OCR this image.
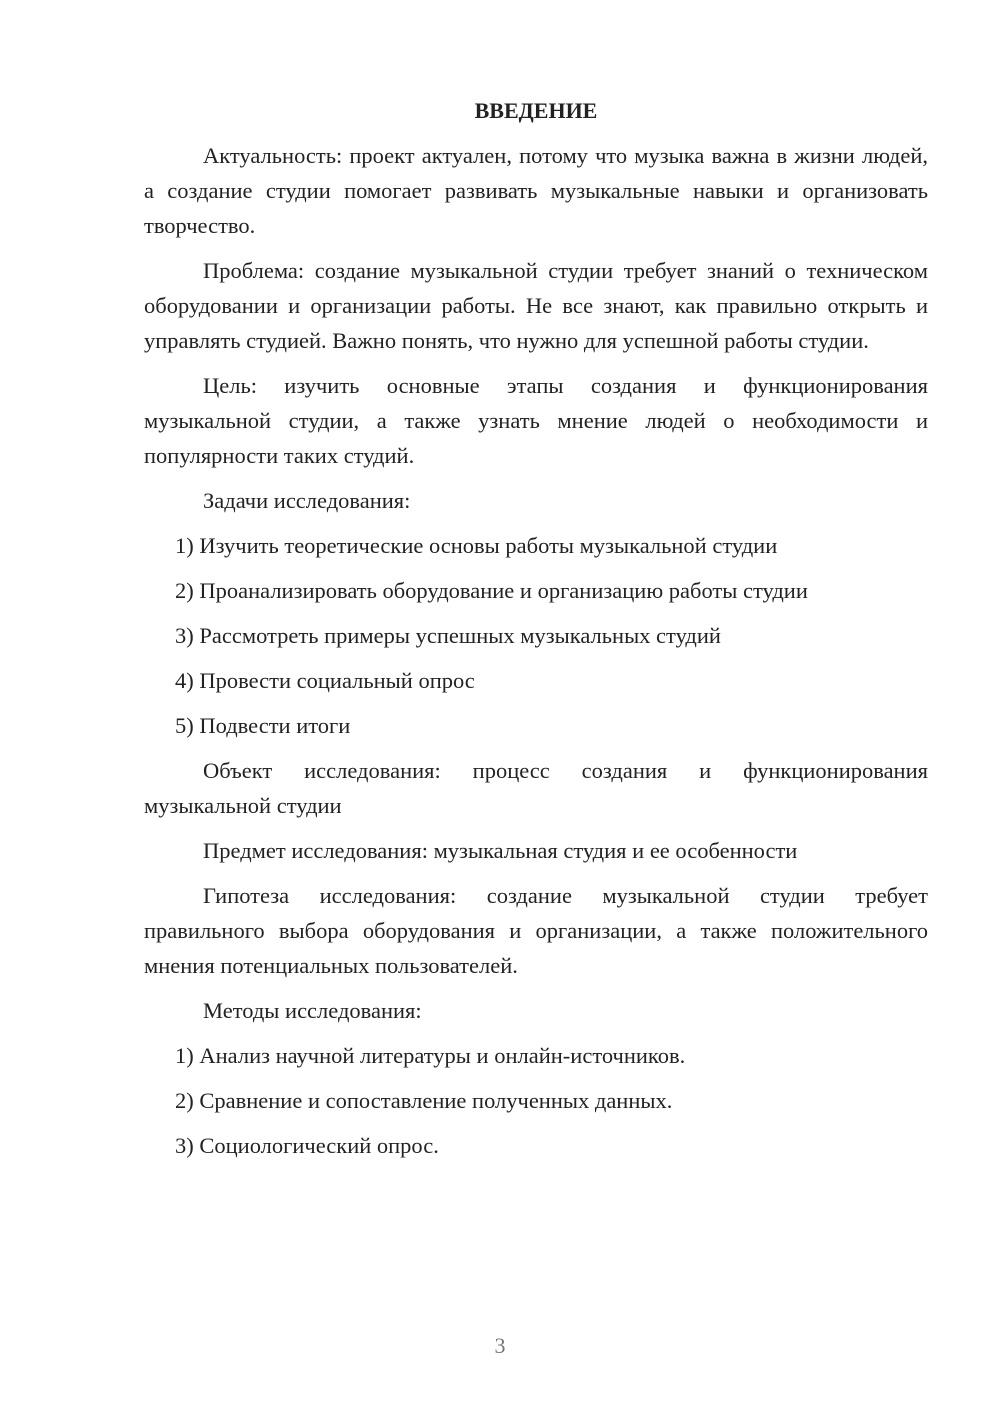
ВВЕДЕНИЕ

Актуальность: проект актуален, потому что музыка важна в жизни людей, а создание студии помогает развивать музыкальные навыки и организовать творчество.

Проблема: создание музыкальной студии требует знаний о техническом оборудовании и организации работы. Не все знают, как правильно открыть и управлять студией. Важно понять, что нужно для успешной работы студии.

Цель: изучить основные этапы создания и функционирования музыкальной студии, а также узнать мнение людей о необходимости и популярности таких студий.

Задачи исследования:

1) Изучить теоретические основы работы музыкальной студии

2) Проанализировать оборудование и организацию работы студии

3) Рассмотреть примеры успешных музыкальных студий

4) Провести социальный опрос

5) Подвести итоги

Объект исследования: процесс создания и функционирования музыкальной студии

Предмет исследования: музыкальная студия и ее особенности

Гипотеза исследования: создание музыкальной студии требует правильного выбора оборудования и организации, а также положительного мнения потенциальных пользователей.

Методы исследования:

1) Анализ научной литературы и онлайн-источников.

2) Сравнение и сопоставление полученных данных.

3) Социологический опрос.

3
